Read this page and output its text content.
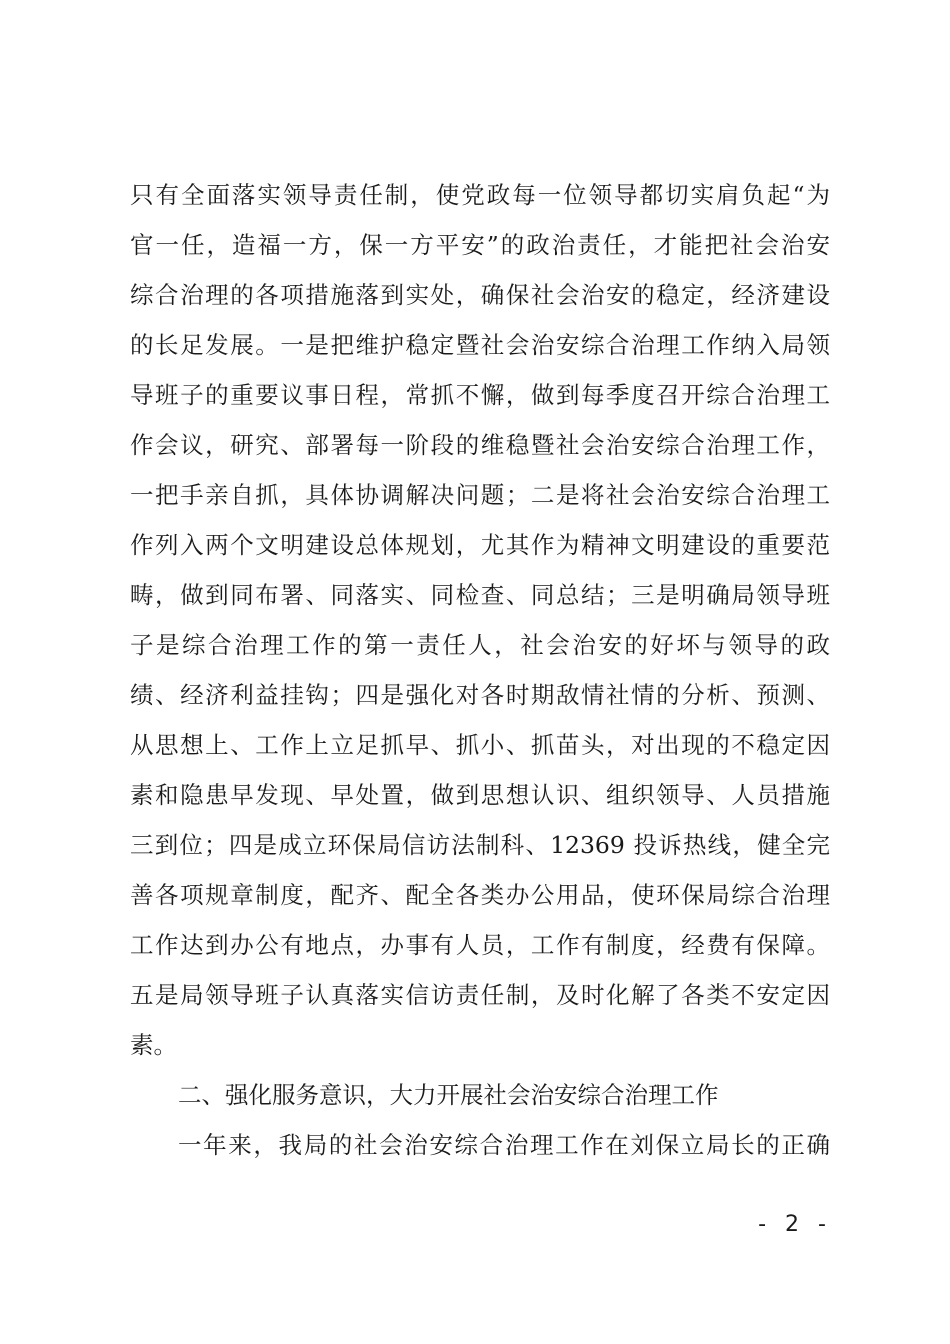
只有全面落实领导责任制，使党政每一位领导都切实肩负起“为
官一任，造福一方，保一方平安”的政治责任，才能把社会治安
综合治理的各项措施落到实处，确保社会治安的稳定，经济建设
的长足发展。一是把维护稳定暨社会治安综合治理工作纳入局领
导班子的重要议事日程，常抓不懈，做到每季度召开综合治理工
作会议，研究、部署每一阶段的维稳暨社会治安综合治理工作，
一把手亲自抓，具体协调解决问题；二是将社会治安综合治理工
作列入两个文明建设总体规划，尤其作为精神文明建设的重要范
畴，做到同布署、同落实、同检查、同总结；三是明确局领导班
子是综合治理工作的第一责任人，社会治安的好坏与领导的政
绩、经济利益挂钩；四是强化对各时期敌情社情的分析、预测、
从思想上、工作上立足抓早、抓小、抓苗头，对出现的不稳定因
素和隐患早发现、早处置，做到思想认识、组织领导、人员措施
三到位；四是成立环保局信访法制科、12369 投诉热线，健全完
善各项规章制度，配齐、配全各类办公用品，使环保局综合治理
工作达到办公有地点，办事有人员，工作有制度，经费有保障。
五是局领导班子认真落实信访责任制，及时化解了各类不安定因
素。
二、强化服务意识，大力开展社会治安综合治理工作
一年来，我局的社会治安综合治理工作在刘保立局长的正确
- 2 -
